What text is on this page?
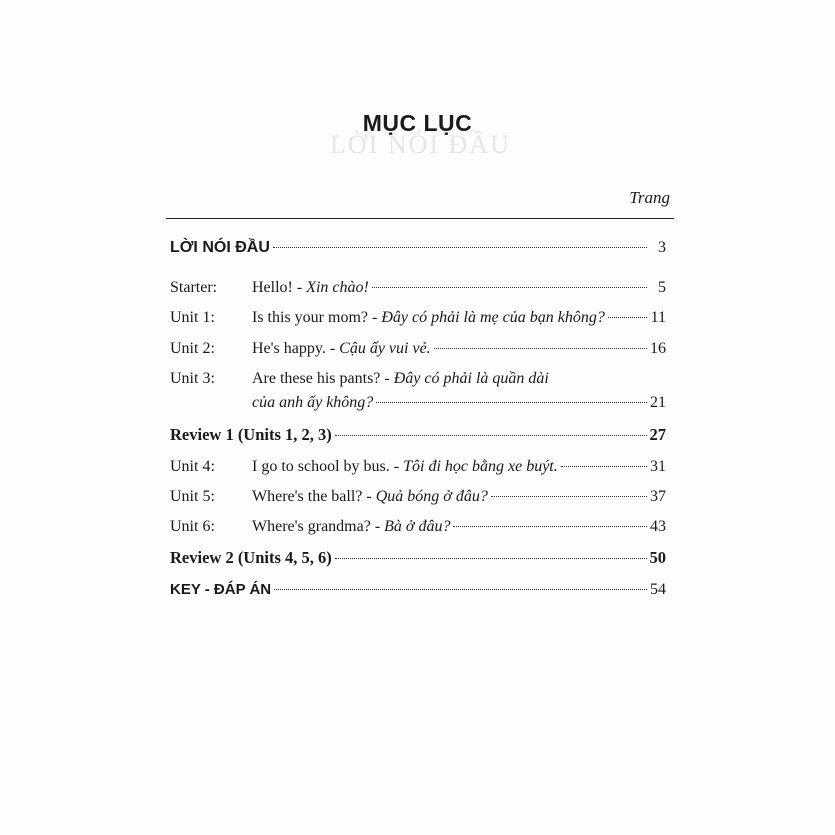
LỜI NÓI ĐẦU
MỤC LỤC
Trang
LỜI NÓI ĐẦU	3
Starter:	Hello! - Xin chào!	5
Unit 1:	Is this your mom? - Đây có phải là mẹ của bạn không?	11
Unit 2:	He's happy. - Cậu ấy vui vẻ.	16
Unit 3:	Are these his pants? - Đây có phải là quần dài
của anh ấy không?	21
Review 1 (Units 1, 2, 3)	27
Unit 4:	I go to school by bus. - Tôi đi học bằng xe buýt.	31
Unit 5:	Where's the ball? - Quả bóng ở đâu?	37
Unit 6:	Where's grandma? - Bà ở đâu?	43
Review 2 (Units 4, 5, 6)	50
KEY - ĐÁP ÁN	54
